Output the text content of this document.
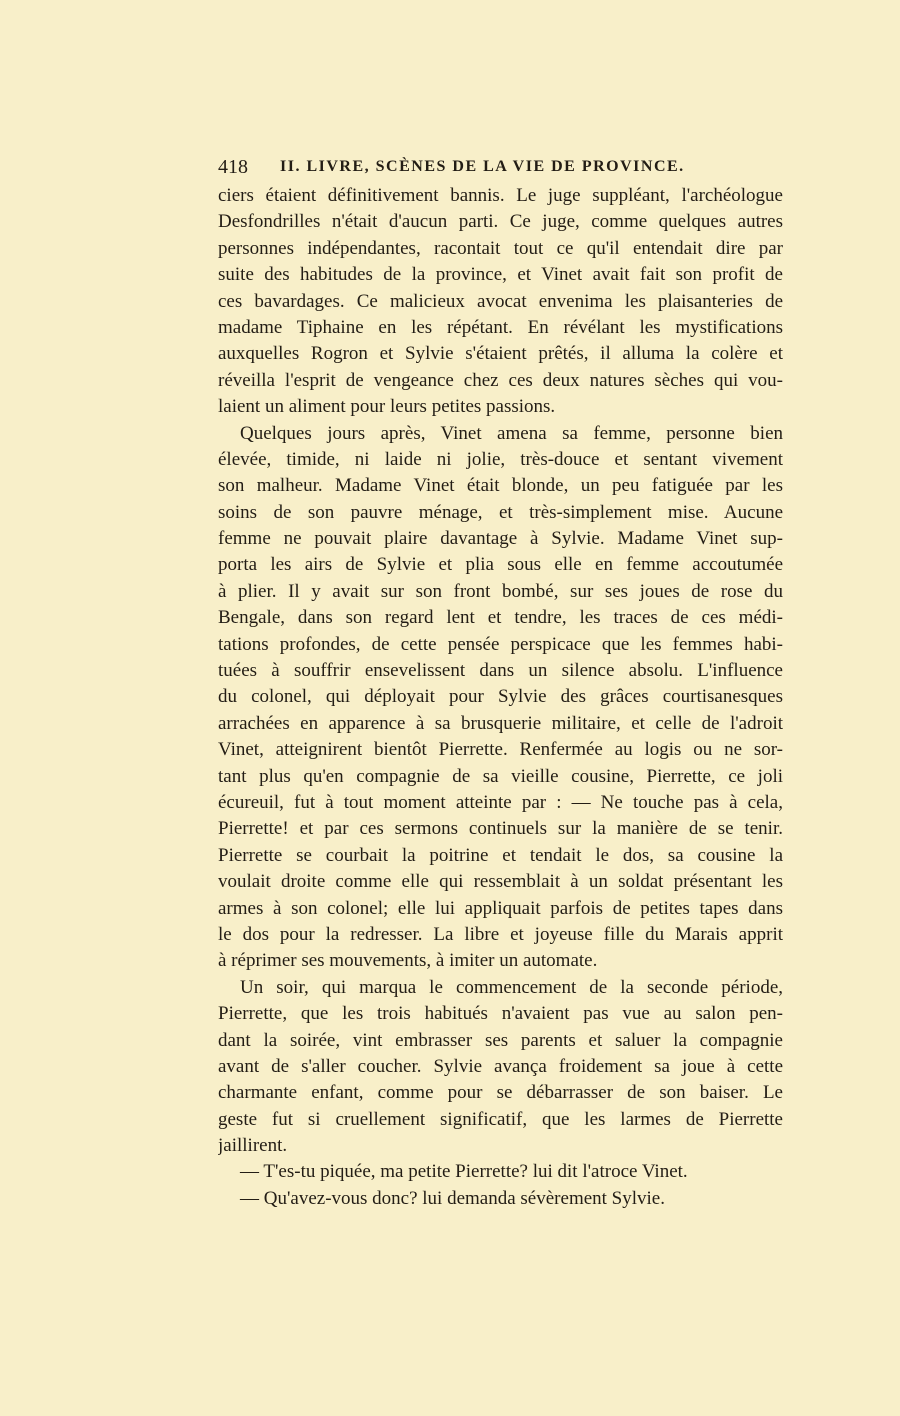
418 II. LIVRE, SCÈNES DE LA VIE DE PROVINCE.
ciers étaient définitivement bannis. Le juge suppléant, l'archéologue
Desfondrilles n'était d'aucun parti. Ce juge, comme quelques autres
personnes indépendantes, racontait tout ce qu'il entendait dire par
suite des habitudes de la province, et Vinet avait fait son profit de
ces bavardages. Ce malicieux avocat envenima les plaisanteries de
madame Tiphaine en les répétant. En révélant les mystifications
auxquelles Rogron et Sylvie s'étaient prêtés, il alluma la colère et
réveilla l'esprit de vengeance chez ces deux natures sèches qui vou-
laient un aliment pour leurs petites passions.
Quelques jours après, Vinet amena sa femme, personne bien
élevée, timide, ni laide ni jolie, très-douce et sentant vivement
son malheur. Madame Vinet était blonde, un peu fatiguée par les
soins de son pauvre ménage, et très-simplement mise. Aucune
femme ne pouvait plaire davantage à Sylvie. Madame Vinet sup-
porta les airs de Sylvie et plia sous elle en femme accoutumée
à plier. Il y avait sur son front bombé, sur ses joues de rose du
Bengale, dans son regard lent et tendre, les traces de ces médi-
tations profondes, de cette pensée perspicace que les femmes habi-
tuées à souffrir ensevelissent dans un silence absolu. L'influence
du colonel, qui déployait pour Sylvie des grâces courtisanesques
arrachées en apparence à sa brusquerie militaire, et celle de l'adroit
Vinet, atteignirent bientôt Pierrette. Renfermée au logis ou ne sor-
tant plus qu'en compagnie de sa vieille cousine, Pierrette, ce joli
écureuil, fut à tout moment atteinte par : — Ne touche pas à cela,
Pierrette! et par ces sermons continuels sur la manière de se tenir.
Pierrette se courbait la poitrine et tendait le dos, sa cousine la
voulait droite comme elle qui ressemblait à un soldat présentant les
armes à son colonel; elle lui appliquait parfois de petites tapes dans
le dos pour la redresser. La libre et joyeuse fille du Marais apprit
à réprimer ses mouvements, à imiter un automate.
Un soir, qui marqua le commencement de la seconde période,
Pierrette, que les trois habitués n'avaient pas vue au salon pen-
dant la soirée, vint embrasser ses parents et saluer la compagnie
avant de s'aller coucher. Sylvie avança froidement sa joue à cette
charmante enfant, comme pour se débarrasser de son baiser. Le
geste fut si cruellement significatif, que les larmes de Pierrette
jaillirent.
— T'es-tu piquée, ma petite Pierrette? lui dit l'atroce Vinet.
— Qu'avez-vous donc? lui demanda sévèrement Sylvie.
